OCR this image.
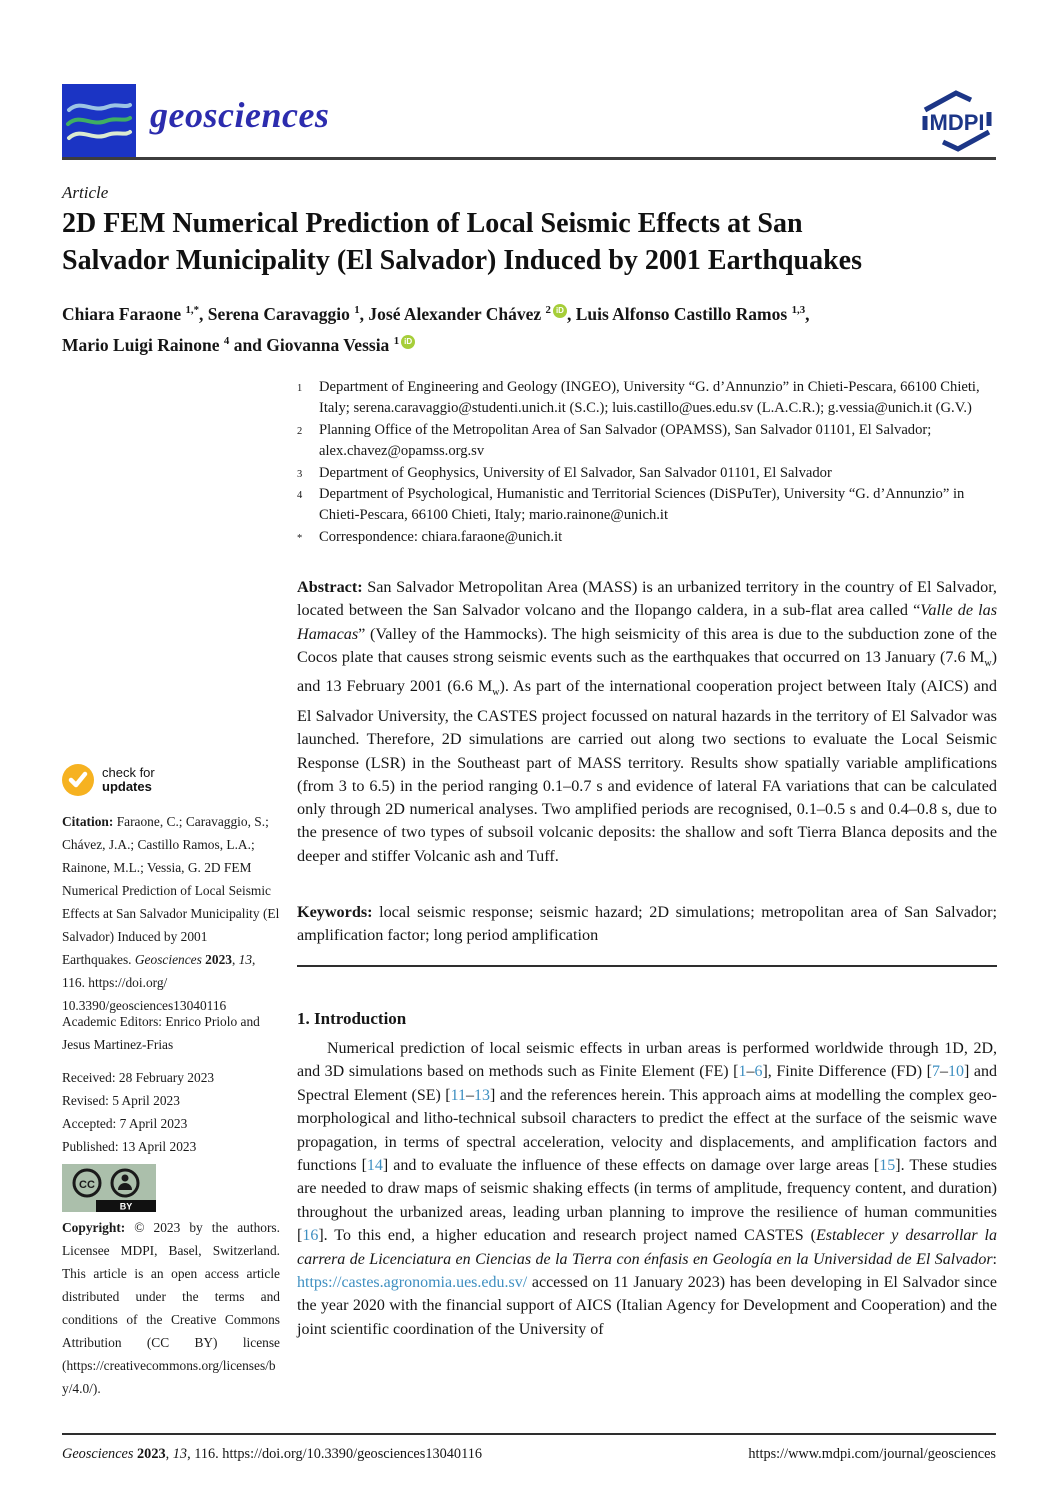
geosciences	MDPI
Article
2D FEM Numerical Prediction of Local Seismic Effects at San
Salvador Municipality (El Salvador) Induced by 2001 Earthquakes
Chiara Faraone $^{1,*}$, Serena Caravaggio $^1$, José Alexander Chávez $^2$ iD , Luis Alfonso Castillo Ramos $^{1,3}$,
Mario Luigi Rainone $^4$ and Giovanna Vessia $^1$ iD
1	Department of Engineering and Geology (INGEO), University “G. d’Annunzio” in Chieti-Pescara, 66100 Chieti, Italy; serena.caravaggio@studenti.unich.it (S.C.); luis.castillo@ues.edu.sv (L.A.C.R.); g.vessia@unich.it (G.V.)
2	Planning Office of the Metropolitan Area of San Salvador (OPAMSS), San Salvador 01101, El Salvador; alex.chavez@opamss.org.sv
3	Department of Geophysics, University of El Salvador, San Salvador 01101, El Salvador
4	Department of Psychological, Humanistic and Territorial Sciences (DiSPuTer), University “G. d’Annunzio” in Chieti-Pescara, 66100 Chieti, Italy; mario.rainone@unich.it
*	Correspondence: chiara.faraone@unich.it
Abstract: San Salvador Metropolitan Area (MASS) is an urbanized territory in the country of El Salvador, located between the San Salvador volcano and the Ilopango caldera, in a sub-flat area called “Valle de las Hamacas” (Valley of the Hammocks). The high seismicity of this area is due to the subduction zone of the Cocos plate that causes strong seismic events such as the earthquakes that occurred on 13 January (7.6 $M_w$) and 13 February 2001 (6.6 $M_w$). As part of the international cooperation project between Italy (AICS) and El Salvador University, the CASTES project focussed on natural hazards in the territory of El Salvador was launched. Therefore, 2D simulations are carried out along two sections to evaluate the Local Seismic Response (LSR) in the Southeast part of MASS territory. Results show spatially variable amplifications (from 3 to 6.5) in the period ranging 0.1–0.7 s and evidence of lateral FA variations that can be calculated only through 2D numerical analyses. Two amplified periods are recognised, 0.1–0.5 s and 0.4–0.8 s, due to the presence of two types of subsoil volcanic deposits: the shallow and soft Tierra Blanca deposits and the deeper and stiffer Volcanic ash and Tuff.
Keywords: local seismic response; seismic hazard; 2D simulations; metropolitan area of San Salvador; amplification factor; long period amplification
1. Introduction
Numerical prediction of local seismic effects in urban areas is performed worldwide through 1D, 2D, and 3D simulations based on methods such as Finite Element (FE) [1–6], Finite Difference (FD) [7–10] and Spectral Element (SE) [11–13] and the references herein. This approach aims at modelling the complex geo-morphological and litho-technical subsoil characters to predict the effect at the surface of the seismic wave propagation, in terms of spectral acceleration, velocity and displacements, and amplification factors and functions [14] and to evaluate the influence of these effects on damage over large areas [15]. These studies are needed to draw maps of seismic shaking effects (in terms of amplitude, frequency content, and duration) throughout the urbanized areas, leading urban planning to improve the resilience of human communities [16]. To this end, a higher education and research project named CASTES (Establecer y desarrollar la carrera de Licenciatura en Ciencias de la Tierra con énfasis en Geología en la Universidad de El Salvador: https://castes.agronomia.ues.edu.sv/ accessed on 11 January 2023) has been developing in El Salvador since the year 2020 with the financial support of AICS (Italian Agency for Development and Cooperation) and the joint scientific coordination of the University of
check for
updates
Citation: Faraone, C.; Caravaggio, S.; Chávez, J.A.; Castillo Ramos, L.A.; Rainone, M.L.; Vessia, G. 2D FEM Numerical Prediction of Local Seismic Effects at San Salvador Municipality (El Salvador) Induced by 2001 Earthquakes. Geosciences 2023, 13, 116. https://doi.org/ 10.3390/geosciences13040116
Academic Editors: Enrico Priolo and Jesus Martinez-Frias
Received: 28 February 2023
Revised: 5 April 2023
Accepted: 7 April 2023
Published: 13 April 2023
CC
BY
Copyright: © 2023 by the authors. Licensee MDPI, Basel, Switzerland. This article is an open access article distributed under the terms and conditions of the Creative Commons Attribution (CC BY) license (https://creativecommons.org/licenses/by/4.0/).
Geosciences 2023, 13, 116. https://doi.org/10.3390/geosciences13040116	https://www.mdpi.com/journal/geosciences
